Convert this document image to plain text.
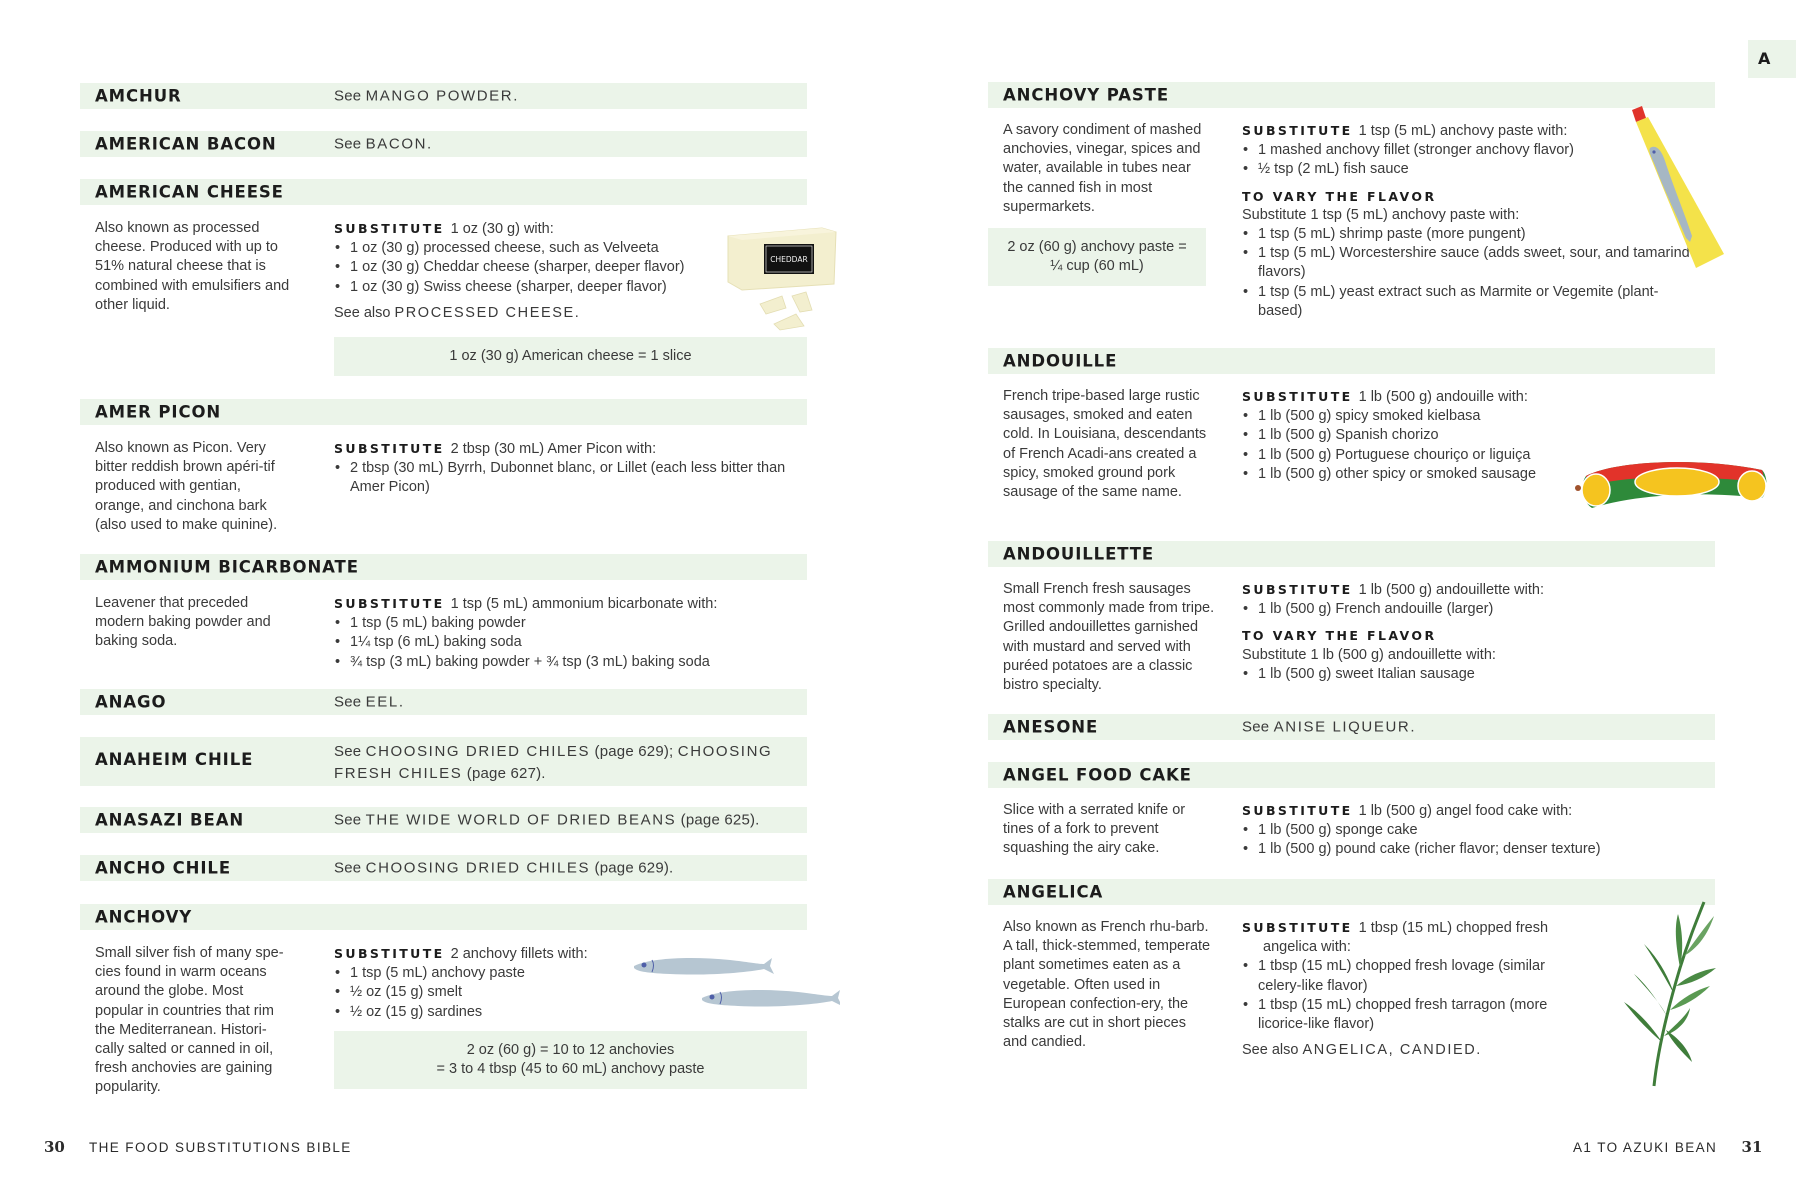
AMCHUR	See MANGO POWDER.
AMERICAN BACON	See BACON.
AMERICAN CHEESE
Also known as processed cheese. Produced with up to 51% natural cheese that is combined with emulsifiers and other liquid.
SUBSTITUTE 1 oz (30 g) with:
• 1 oz (30 g) processed cheese, such as Velveeta
• 1 oz (30 g) Cheddar cheese (sharper, deeper flavor)
• 1 oz (30 g) Swiss cheese (sharper, deeper flavor)
See also PROCESSED CHEESE.
CHEDDAR
1 oz (30 g) American cheese = 1 slice
AMER PICON
Also known as Picon. Very bitter reddish brown apéri-tif produced with gentian, orange, and cinchona bark (also used to make quinine).
SUBSTITUTE 2 tbsp (30 mL) Amer Picon with:
• 2 tbsp (30 mL) Byrrh, Dubonnet blanc, or Lillet (each less bitter than Amer Picon)
AMMONIUM BICARBONATE
Leavener that preceded modern baking powder and baking soda.
SUBSTITUTE 1 tsp (5 mL) ammonium bicarbonate with:
• 1 tsp (5 mL) baking powder
• 1¼ tsp (6 mL) baking soda
• ¾ tsp (3 mL) baking powder + ¾ tsp (3 mL) baking soda
ANAGO	See EEL.
ANAHEIM CHILE	See CHOOSING DRIED CHILES (page 629); CHOOSING FRESH CHILES (page 627).
ANASAZI BEAN	See THE WIDE WORLD OF DRIED BEANS (page 625).
ANCHO CHILE	See CHOOSING DRIED CHILES (page 629).
ANCHOVY
Small silver fish of many spe-cies found in warm oceans around the globe. Most popular in countries that rim the Mediterranean. Histori-cally salted or canned in oil, fresh anchovies are gaining popularity.
SUBSTITUTE 2 anchovy fillets with:
• 1 tsp (5 mL) anchovy paste
• ½ oz (15 g) smelt
• ½ oz (15 g) sardines
2 oz (60 g) = 10 to 12 anchovies
= 3 to 4 tbsp (45 to 60 mL) anchovy paste
30 THE FOOD SUBSTITUTIONS BIBLE
A
ANCHOVY PASTE
A savory condiment of mashed anchovies, vinegar, spices and water, available in tubes near the canned fish in most supermarkets.
2 oz (60 g) anchovy paste =
¼ cup (60 mL)
SUBSTITUTE 1 tsp (5 mL) anchovy paste with:
• 1 mashed anchovy fillet (stronger anchovy flavor)
• ½ tsp (2 mL) fish sauce
TO VARY THE FLAVOR
Substitute 1 tsp (5 mL) anchovy paste with:
• 1 tsp (5 mL) shrimp paste (more pungent)
• 1 tsp (5 mL) Worcestershire sauce (adds sweet, sour, and tamarind flavors)
• 1 tsp (5 mL) yeast extract such as Marmite or Vegemite (plant-based)
ANDOUILLE
French tripe-based large rustic sausages, smoked and eaten cold. In Louisiana, descendants of French Acadi-ans created a spicy, smoked ground pork sausage of the same name.
SUBSTITUTE 1 lb (500 g) andouille with:
• 1 lb (500 g) spicy smoked kielbasa
• 1 lb (500 g) Spanish chorizo
• 1 lb (500 g) Portuguese chouriço or liguiça
• 1 lb (500 g) other spicy or smoked sausage
ANDOUILLETTE
Small French fresh sausages most commonly made from tripe. Grilled andouillettes garnished with mustard and served with puréed potatoes are a classic bistro specialty.
SUBSTITUTE 1 lb (500 g) andouillette with:
• 1 lb (500 g) French andouille (larger)
TO VARY THE FLAVOR
Substitute 1 lb (500 g) andouillette with:
• 1 lb (500 g) sweet Italian sausage
ANESONE	See ANISE LIQUEUR.
ANGEL FOOD CAKE
Slice with a serrated knife or tines of a fork to prevent squashing the airy cake.
SUBSTITUTE 1 lb (500 g) angel food cake with:
• 1 lb (500 g) sponge cake
• 1 lb (500 g) pound cake (richer flavor; denser texture)
ANGELICA
Also known as French rhu-barb. A tall, thick-stemmed, temperate plant sometimes eaten as a vegetable. Often used in European confection-ery, the stalks are cut in short pieces and candied.
SUBSTITUTE 1 tbsp (15 mL) chopped fresh
angelica with:
• 1 tbsp (15 mL) chopped fresh lovage (similar celery-like flavor)
• 1 tbsp (15 mL) chopped fresh tarragon (more licorice-like flavor)
See also ANGELICA, CANDIED.
A1 TO AZUKI BEAN 31
